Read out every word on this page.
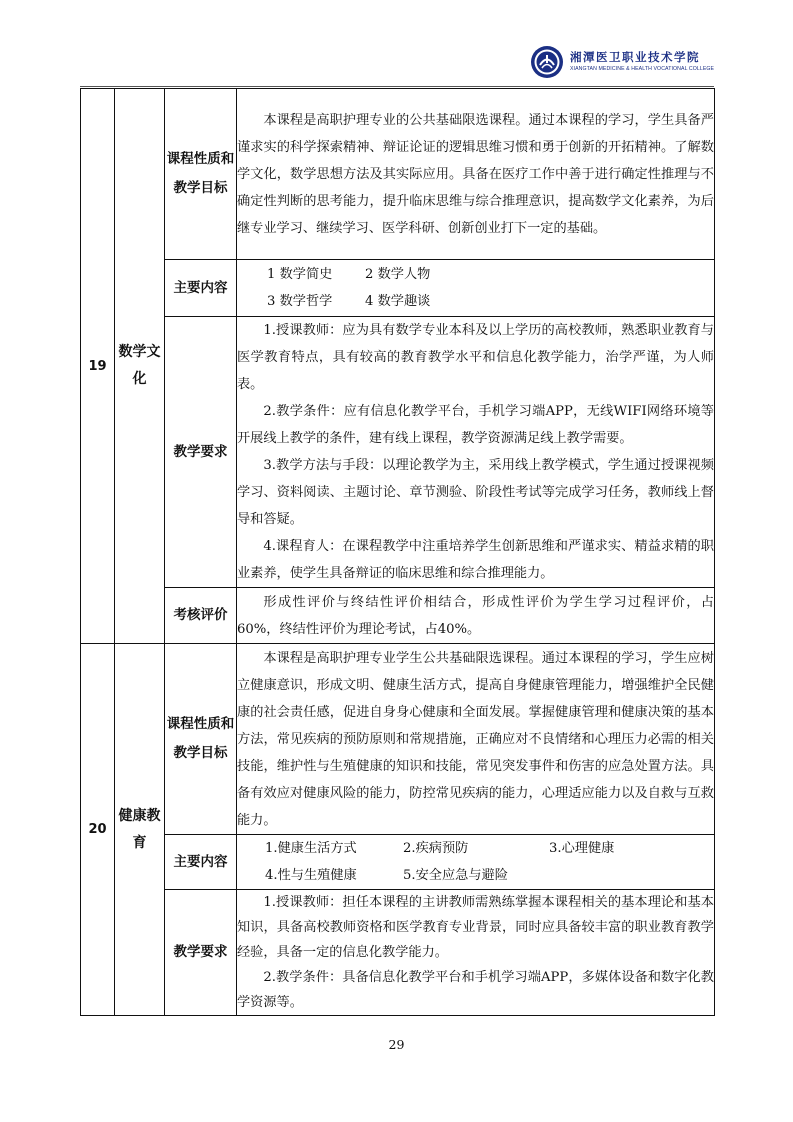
湘潭医卫职业技术学院
XIANGTAN MEDICINE & HEALTH VOCATIONAL COLLEGE
19	数学文化	课程性质和教学目标	本课程是高职护理专业的公共基础限选课程。通过本课程的学习，学生具备严谨求实的科学探索精神、辩证论证的逻辑思维习惯和勇于创新的开拓精神。了解数学文化，数学思想方法及其实际应用。具备在医疗工作中善于进行确定性推理与不确定性判断的思考能力，提升临床思维与综合推理意识，提高数学文化素养，为后继专业学习、继续学习、医学科研、创新创业打下一定的基础。

		主要内容	1 数学简史 2 数学人物
3 数学哲学 4 数学趣谈

		教学要求	1.授课教师：应为具有数学专业本科及以上学历的高校教师，熟悉职业教育与医学教育特点，具有较高的教育教学水平和信息化教学能力，治学严谨，为人师表。

2.教学条件：应有信息化教学平台，手机学习端APP，无线WIFI网络环境等开展线上教学的条件，建有线上课程，教学资源满足线上教学需要。

3.教学方法与手段：以理论教学为主，采用线上教学模式，学生通过授课视频学习、资料阅读、主题讨论、章节测验、阶段性考试等完成学习任务，教师线上督导和答疑。

4.课程育人：在课程教学中注重培养学生创新思维和严谨求实、精益求精的职业素养，使学生具备辩证的临床思维和综合推理能力。

		考核评价	形成性评价与终结性评价相结合，形成性评价为学生学习过程评价，占60%，终结性评价为理论考试，占40%。

20	健康教育	课程性质和教学目标	本课程是高职护理专业学生公共基础限选课程。通过本课程的学习，学生应树立健康意识，形成文明、健康生活方式，提高自身健康管理能力，增强维护全民健康的社会责任感，促进自身身心健康和全面发展。掌握健康管理和健康决策的基本方法，常见疾病的预防原则和常规措施，正确应对不良情绪和心理压力必需的相关技能，维护性与生殖健康的知识和技能，常见突发事件和伤害的应急处置方法。具备有效应对健康风险的能力，防控常见疾病的能力，心理适应能力以及自救与互救能力。

		主要内容	1.健康生活方式 2.疾病预防 3.心理健康
4.性与生殖健康 5.安全应急与避险

		教学要求	1.授课教师：担任本课程的主讲教师需熟练掌握本课程相关的基本理论和基本知识，具备高校教师资格和医学教育专业背景，同时应具备较丰富的职业教育教学经验，具备一定的信息化教学能力。

2.教学条件：具备信息化教学平台和手机学习端APP，多媒体设备和数字化教学资源等。

29
